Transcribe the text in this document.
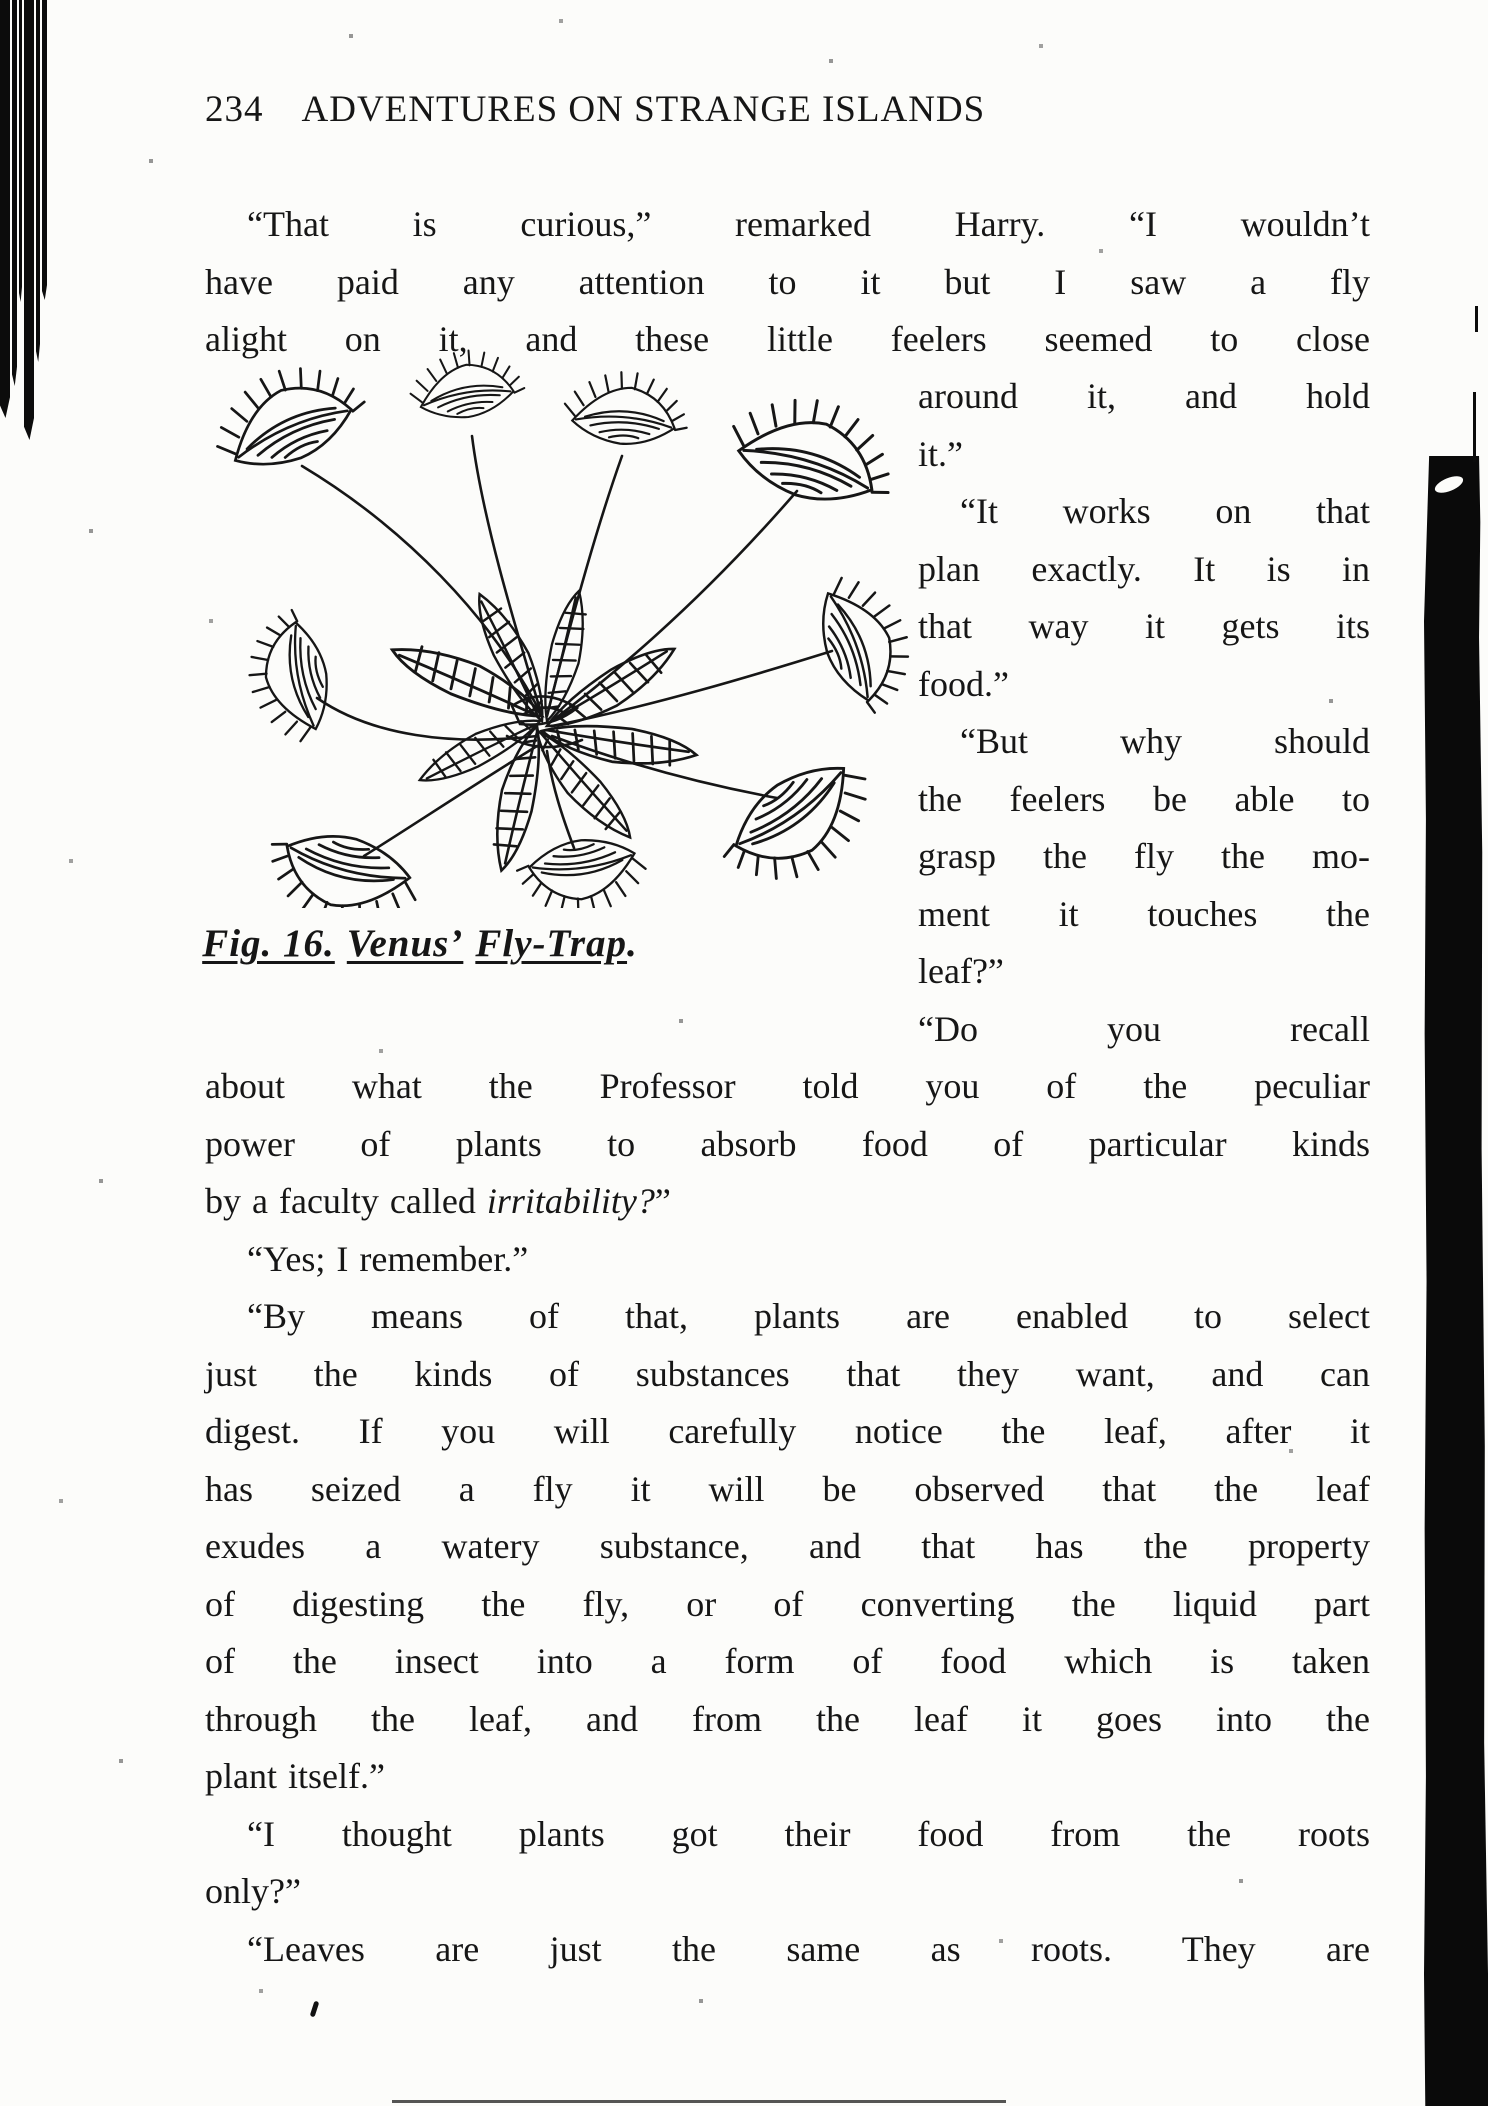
234 ADVENTURES ON STRANGE ISLANDS
“That is curious,” remarked Harry. “I wouldn’t
have paid any attention to it but I saw a fly
alight on it, and these little feelers seemed to close
Fig. 16. Venus’ Fly-Trap.
around it, and hold
it.”
“It works on that
plan exactly. It is in
that way it gets its
food.”
“But why should
the feelers be able to
grasp the fly the mo-
ment it touches the
leaf?”
“Do you recall
about what the Professor told you of the peculiar
power of plants to absorb food of particular kinds
by a faculty called irritability?”
“Yes; I remember.”
“By means of that, plants are enabled to select
just the kinds of substances that they want, and can
digest. If you will carefully notice the leaf, after it
has seized a fly it will be observed that the leaf
exudes a watery substance, and that has the property
of digesting the fly, or of converting the liquid part
of the insect into a form of food which is taken
through the leaf, and from the leaf it goes into the
plant itself.”
“I thought plants got their food from the roots
only?”
“Leaves are just the same as roots. They are
